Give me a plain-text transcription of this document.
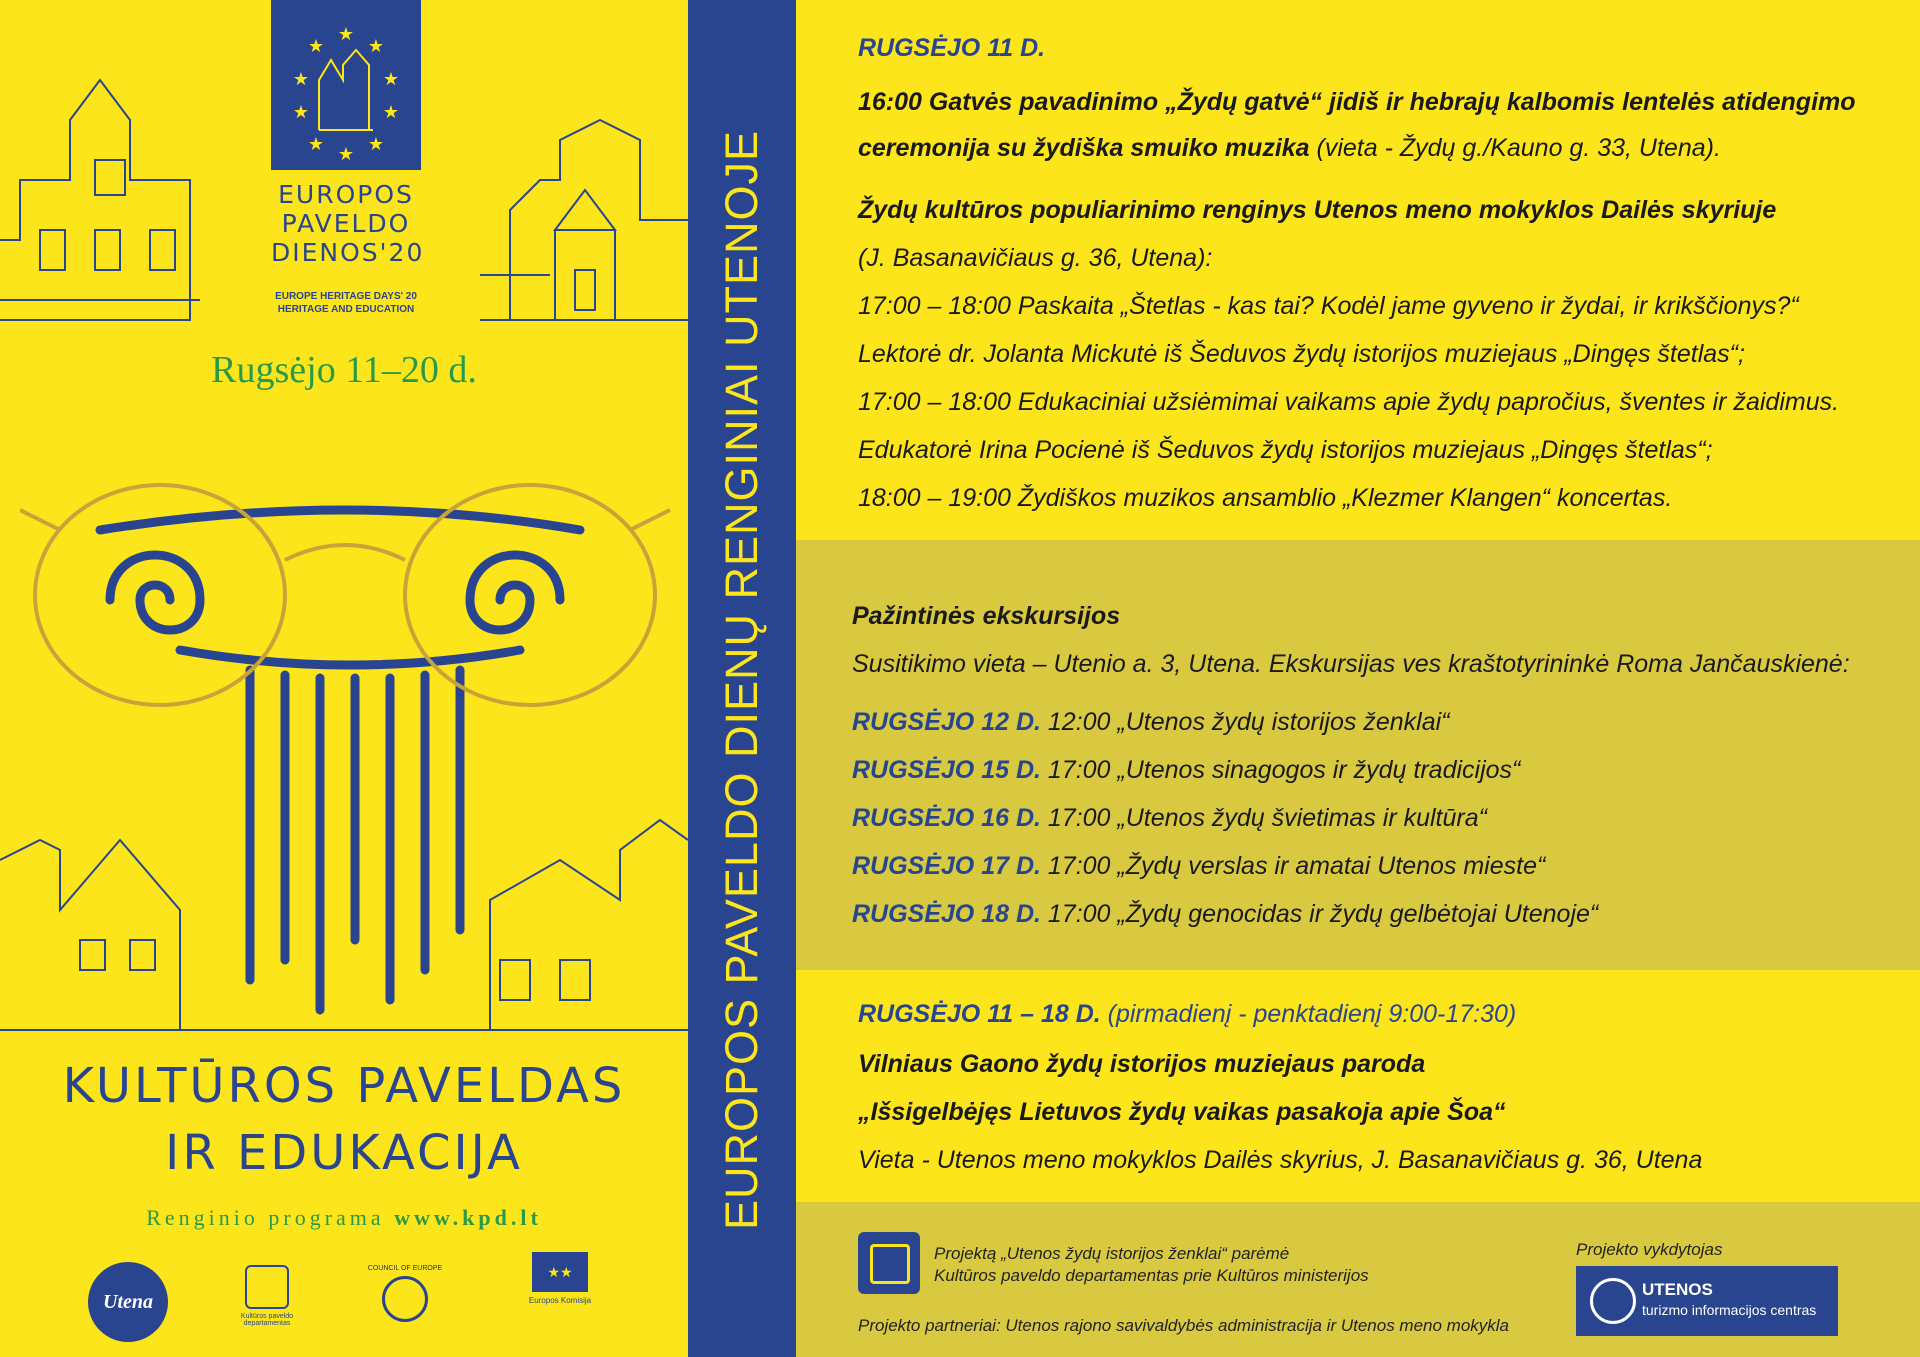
★
★ ★
★	★
★	★
★ ★
★
EUROPOS
PAVELDO
DIENOS'20
EUROPE HERITAGE DAYS' 20
HERITAGE AND EDUCATION
Rugsėjo 11–20 d.
KULTŪROS PAVELDAS
IR EDUKACIJA
Renginio programa www.kpd.lt
Utena
Kultūros paveldo departamentas
COUNCIL OF EUROPE	★★
Europos Komisija
EUROPOS PAVELDO DIENŲ RENGINIAI UTENOJE
RUGSĖJO 11 D.
16:00 Gatvės pavadinimo „Žydų gatvė“ jidiš ir hebrajų kalbomis lentelės atidengimo
ceremonija su žydiška smuiko muzika (vieta - Žydų g./Kauno g. 33, Utena).
Žydų kultūros populiarinimo renginys Utenos meno mokyklos Dailės skyriuje
(J. Basanavičiaus g. 36, Utena):
17:00 – 18:00 Paskaita „Štetlas - kas tai? Kodėl jame gyveno ir žydai, ir krikščionys?“
Lektorė dr. Jolanta Mickutė iš Šeduvos žydų istorijos muziejaus „Dingęs štetlas“;
17:00 – 18:00 Edukaciniai užsiėmimai vaikams apie žydų papročius, šventes ir žaidimus.
Edukatorė Irina Pocienė iš Šeduvos žydų istorijos muziejaus „Dingęs štetlas“;
18:00 – 19:00 Žydiškos muzikos ansamblio „Klezmer Klangen“ koncertas.
Pažintinės ekskursijos
Susitikimo vieta – Utenio a. 3, Utena. Ekskursijas ves kraštotyrininkė Roma Jančauskienė:
RUGSĖJO 12 D. 12:00 „Utenos žydų istorijos ženklai“
RUGSĖJO 15 D. 17:00 „Utenos sinagogos ir žydų tradicijos“
RUGSĖJO 16 D. 17:00 „Utenos žydų švietimas ir kultūra“
RUGSĖJO 17 D. 17:00 „Žydų verslas ir amatai Utenos mieste“
RUGSĖJO 18 D. 17:00 „Žydų genocidas ir žydų gelbėtojai Utenoje“
RUGSĖJO 11 – 18 D. (pirmadienį - penktadienį 9:00-17:30)
Vilniaus Gaono žydų istorijos muziejaus paroda
„Išsigelbėjęs Lietuvos žydų vaikas pasakoja apie Šoa“
Vieta - Utenos meno mokyklos Dailės skyrius, J. Basanavičiaus g. 36, Utena
Projektą „Utenos žydų istorijos ženklai“ parėmė
Kultūros paveldo departamentas prie Kultūros ministerijos
Projekto partneriai: Utenos rajono savivaldybės administracija ir Utenos meno mokykla
Projekto vykdytojas
UTENOS
turizmo informacijos centras
